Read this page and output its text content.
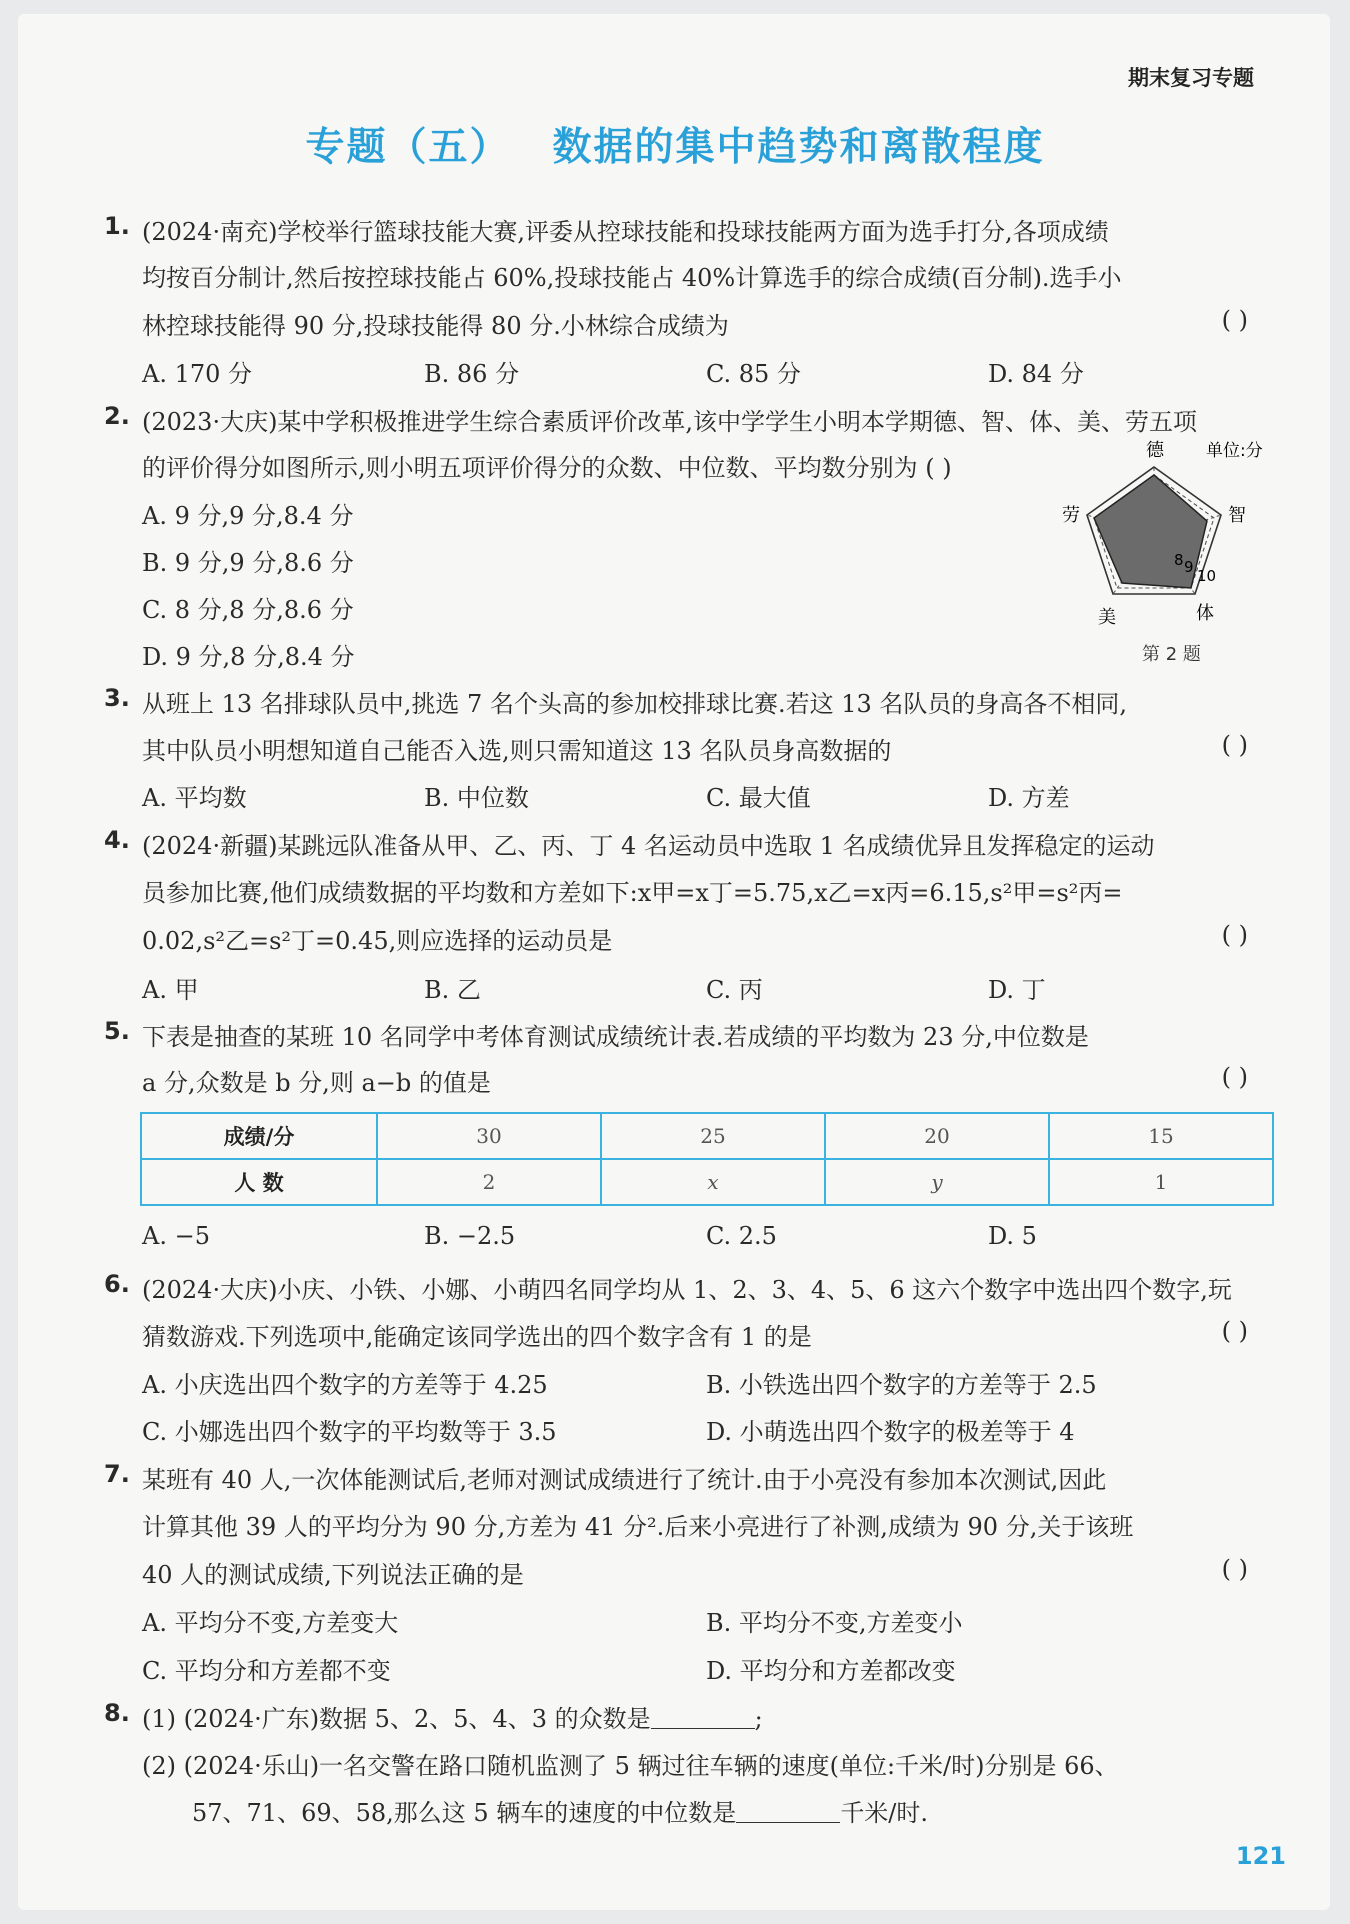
期末复习专题
专题（五） 数据的集中趋势和离散程度
1. (2024·南充)学校举行篮球技能大赛,评委从控球技能和投球技能两方面为选手打分,各项成绩
均按百分制计,然后按控球技能占 60%,投球技能占 40%计算选手的综合成绩(百分制).选手小
林控球技能得 90 分,投球技能得 80 分.小林综合成绩为	( )
A. 170 分	B. 86 分	C. 85 分	D. 84 分
2. (2023·大庆)某中学积极推进学生综合素质评价改革,该中学学生小明本学期德、智、体、美、劳五项
的评价得分如图所示,则小明五项评价得分的众数、中位数、平均数分别为 ( )
A. 9 分,9 分,8.4 分
B. 9 分,9 分,8.6 分
C. 8 分,8 分,8.6 分
D. 9 分,8 分,8.4 分
德
智
体
美
劳
8 9 10
单位:分
第 2 题
3. 从班上 13 名排球队员中,挑选 7 名个头高的参加校排球比赛.若这 13 名队员的身高各不相同,
其中队员小明想知道自己能否入选,则只需知道这 13 名队员身高数据的	( )
A. 平均数	B. 中位数	C. 最大值	D. 方差
4. (2024·新疆)某跳远队准备从甲、乙、丙、丁 4 名运动员中选取 1 名成绩优异且发挥稳定的运动
员参加比赛,他们成绩数据的平均数和方差如下:x甲=x丁=5.75,x乙=x丙=6.15,s²甲=s²丙=
0.02,s²乙=s²丁=0.45,则应选择的运动员是	( )
A. 甲	B. 乙	C. 丙	D. 丁
5. 下表是抽查的某班 10 名同学中考体育测试成绩统计表.若成绩的平均数为 23 分,中位数是
a 分,众数是 b 分,则 a−b 的值是	( )
成绩/分	30	25	20	15
人 数	2	x	y	1
A. −5	B. −2.5	C. 2.5	D. 5
6. (2024·大庆)小庆、小铁、小娜、小萌四名同学均从 1、2、3、4、5、6 这六个数字中选出四个数字,玩
猜数游戏.下列选项中,能确定该同学选出的四个数字含有 1 的是	( )
A. 小庆选出四个数字的方差等于 4.25	B. 小铁选出四个数字的方差等于 2.5
C. 小娜选出四个数字的平均数等于 3.5	D. 小萌选出四个数字的极差等于 4
7. 某班有 40 人,一次体能测试后,老师对测试成绩进行了统计.由于小亮没有参加本次测试,因此
计算其他 39 人的平均分为 90 分,方差为 41 分².后来小亮进行了补测,成绩为 90 分,关于该班
40 人的测试成绩,下列说法正确的是	( )
A. 平均分不变,方差变大	B. 平均分不变,方差变小
C. 平均分和方差都不变	D. 平均分和方差都改变
8. (1) (2024·广东)数据 5、2、5、4、3 的众数是	;
(2) (2024·乐山)一名交警在路口随机监测了 5 辆过往车辆的速度(单位:千米/时)分别是 66、
57、71、69、58,那么这 5 辆车的速度的中位数是	千米/时.
121
